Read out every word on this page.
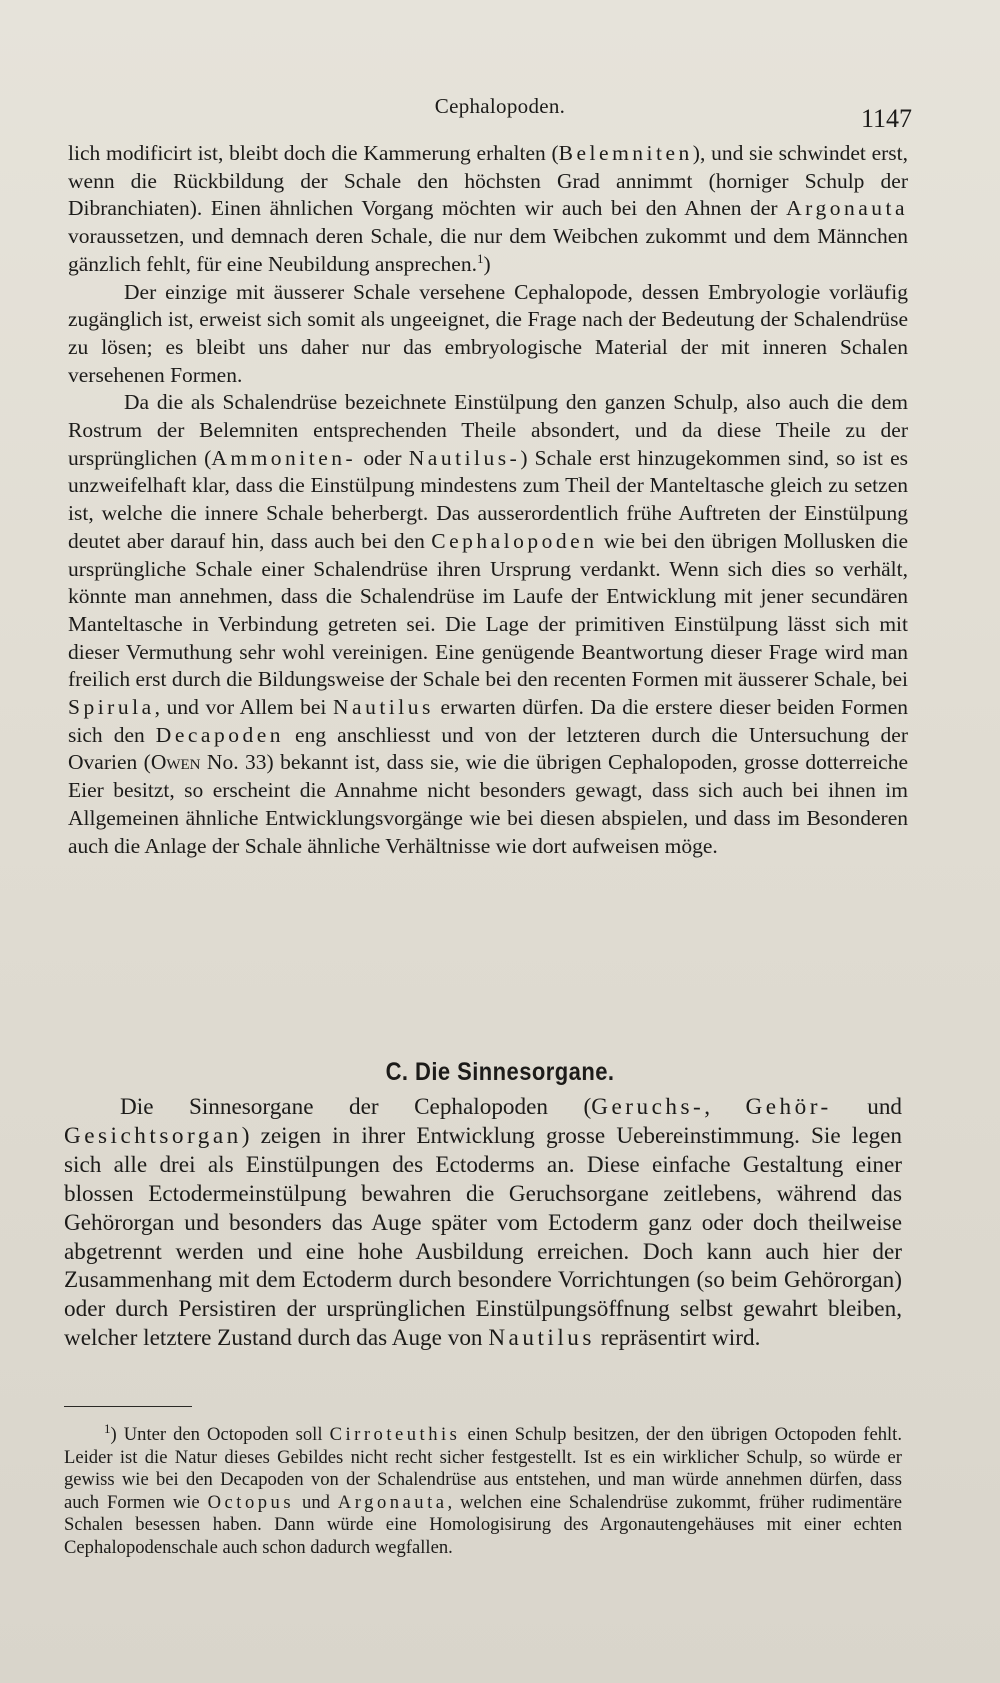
Cephalopoden.	1147

lich modificirt ist, bleibt doch die Kammerung erhalten (Belemniten), und sie schwindet erst, wenn die Rückbildung der Schale den höchsten Grad annimmt (horniger Schulp der Dibranchiaten). Einen ähnlichen Vorgang möchten wir auch bei den Ahnen der Argonauta voraussetzen, und demnach deren Schale, die nur dem Weibchen zukommt und dem Männchen gänzlich fehlt, für eine Neubildung ansprechen.$^1$)

Der einzige mit äusserer Schale versehene Cephalopode, dessen Embryologie vorläufig zugänglich ist, erweist sich somit als ungeeignet, die Frage nach der Bedeutung der Schalendrüse zu lösen; es bleibt uns daher nur das embryologische Material der mit inneren Schalen versehenen Formen.

Da die als Schalendrüse bezeichnete Einstülpung den ganzen Schulp, also auch die dem Rostrum der Belemniten entsprechenden Theile absondert, und da diese Theile zu der ursprünglichen (Ammoniten- oder Nautilus-) Schale erst hinzugekommen sind, so ist es unzweifelhaft klar, dass die Einstülpung mindestens zum Theil der Manteltasche gleich zu setzen ist, welche die innere Schale beherbergt. Das ausserordentlich frühe Auftreten der Einstülpung deutet aber darauf hin, dass auch bei den Cephalopoden wie bei den übrigen Mollusken die ursprüngliche Schale einer Schalendrüse ihren Ursprung verdankt. Wenn sich dies so verhält, könnte man annehmen, dass die Schalendrüse im Laufe der Entwicklung mit jener secundären Manteltasche in Verbindung getreten sei. Die Lage der primitiven Einstülpung lässt sich mit dieser Vermuthung sehr wohl vereinigen. Eine genügende Beantwortung dieser Frage wird man freilich erst durch die Bildungsweise der Schale bei den recenten Formen mit äusserer Schale, bei Spirula, und vor Allem bei Nautilus erwarten dürfen. Da die erstere dieser beiden Formen sich den Decapoden eng anschliesst und von der letzteren durch die Untersuchung der Ovarien (Owen No. 33) bekannt ist, dass sie, wie die übrigen Cephalopoden, grosse dotterreiche Eier besitzt, so erscheint die Annahme nicht besonders gewagt, dass sich auch bei ihnen im Allgemeinen ähnliche Entwicklungsvorgänge wie bei diesen abspielen, und dass im Besonderen auch die Anlage der Schale ähnliche Verhältnisse wie dort aufweisen möge.

C. Die Sinnesorgane.

Die Sinnesorgane der Cephalopoden (Geruchs-, Gehör- und Gesichtsorgan) zeigen in ihrer Entwicklung grosse Uebereinstimmung. Sie legen sich alle drei als Einstülpungen des Ectoderms an. Diese einfache Gestaltung einer blossen Ectodermeinstülpung bewahren die Geruchsorgane zeitlebens, während das Gehörorgan und besonders das Auge später vom Ectoderm ganz oder doch theilweise abgetrennt werden und eine hohe Ausbildung erreichen. Doch kann auch hier der Zusammenhang mit dem Ectoderm durch besondere Vorrichtungen (so beim Gehörorgan) oder durch Persistiren der ursprünglichen Einstülpungsöffnung selbst gewahrt bleiben, welcher letztere Zustand durch das Auge von Nautilus repräsentirt wird.

$^1$) Unter den Octopoden soll Cirroteuthis einen Schulp besitzen, der den übrigen Octopoden fehlt. Leider ist die Natur dieses Gebildes nicht recht sicher festgestellt. Ist es ein wirklicher Schulp, so würde er gewiss wie bei den Decapoden von der Schalendrüse aus entstehen, und man würde annehmen dürfen, dass auch Formen wie Octopus und Argonauta, welchen eine Schalendrüse zukommt, früher rudimentäre Schalen besessen haben. Dann würde eine Homologisirung des Argonautengehäuses mit einer echten Cephalopodenschale auch schon dadurch wegfallen.
